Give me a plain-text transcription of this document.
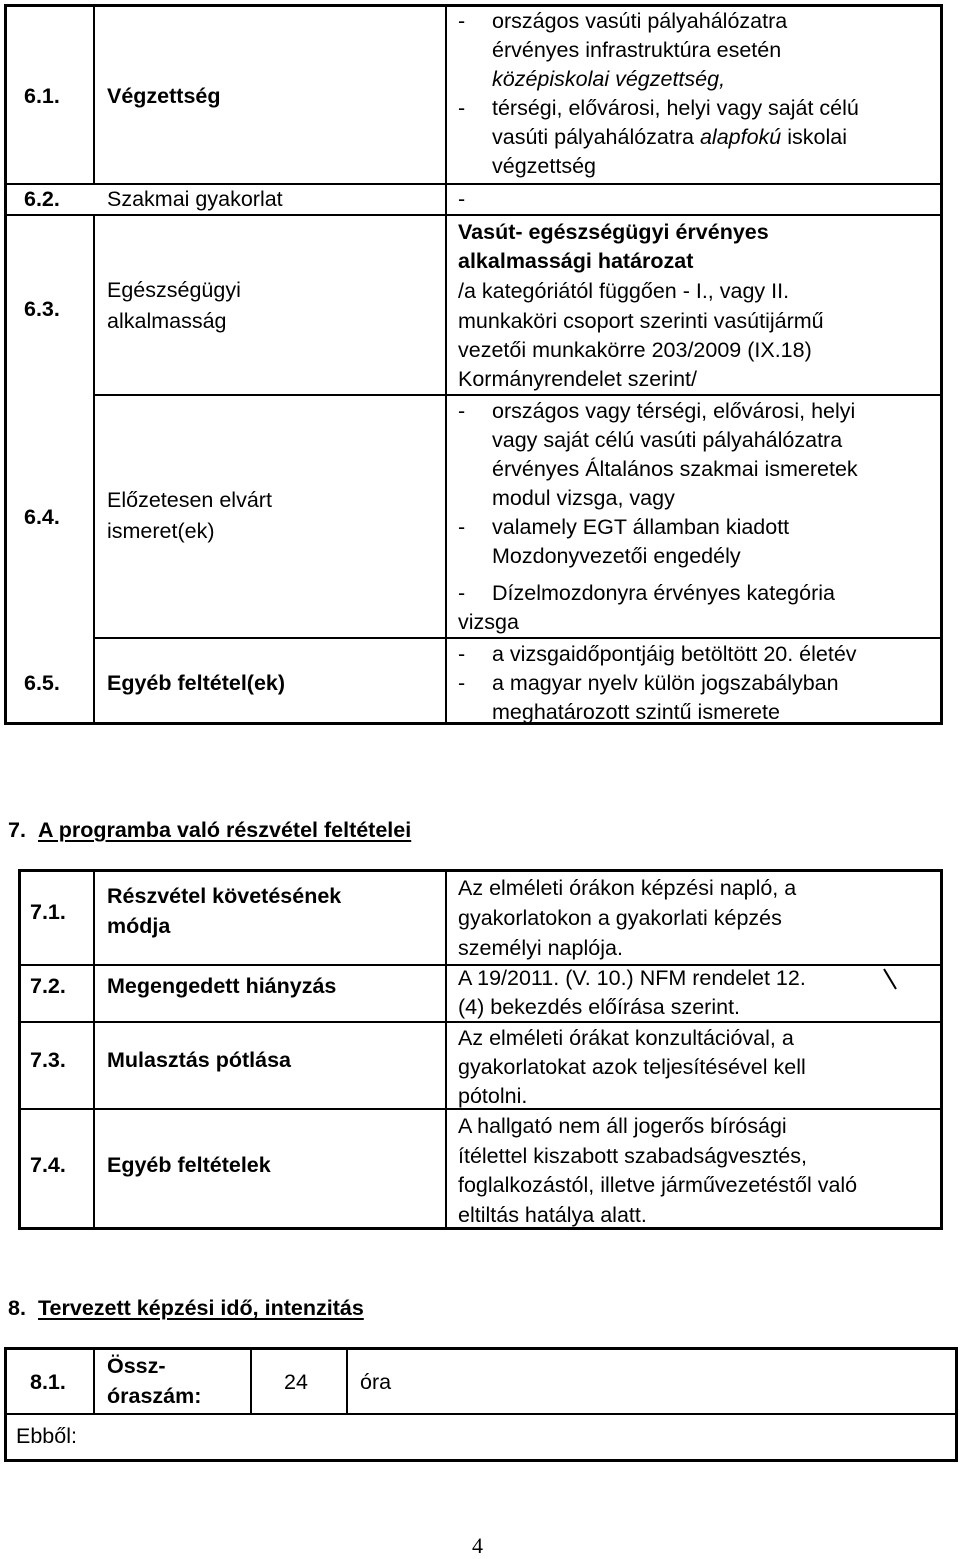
6.1. Végzettség
- országos vasúti pályahálózatra
érvényes infrastruktúra esetén
középiskolai végzettség,
- térségi, elővárosi, helyi vagy saját célú
vasúti pályahálózatra alapfokú iskolai
végzettség
6.2. Szakmai gyakorlat	-
6.3.
Egészségügyi
alkalmasság
Vasút- egészségügyi érvényes
alkalmassági határozat
/a kategóriától függően - I., vagy II.
munkaköri csoport szerinti vasútijármű
vezetői munkakörre 203/2009 (IX.18)
Kormányrendelet szerint/
6.4.
Előzetesen elvárt
ismeret(ek)
- országos vagy térségi, elővárosi, helyi
vagy saját célú vasúti pályahálózatra
érvényes Általános szakmai ismeretek
modul vizsga, vagy
- valamely EGT államban kiadott
Mozdonyvezetői engedély
- Dízelmozdonyra érvényes kategória
vizsga
6.5. Egyéb feltétel(ek)
- a vizsgaidőpontjáig betöltött 20. életév
- a magyar nyelv külön jogszabályban
meghatározott szintű ismerete
7. A programba való részvétel feltételei
7.1.
Részvétel követésének
módja
Az elméleti órákon képzési napló, a
gyakorlatokon a gyakorlati képzés
személyi naplója.
7.2. Megengedett hiányzás	A 19/2011. (V. 10.) NFM rendelet 12.
(4) bekezdés előírása szerint.
7.3. Mulasztás pótlása
Az elméleti órákat konzultációval, a
gyakorlatokat azok teljesítésével kell
pótolni.
7.4. Egyéb feltételek
A hallgató nem áll jogerős bírósági
ítélettel kiszabott szabadságvesztés,
foglalkozástól, illetve járművezetéstől való
eltiltás hatálya alatt.
8. Tervezett képzési idő, intenzitás
8.1.
Össz-
óraszám:
24 óra
Ebből:
4
